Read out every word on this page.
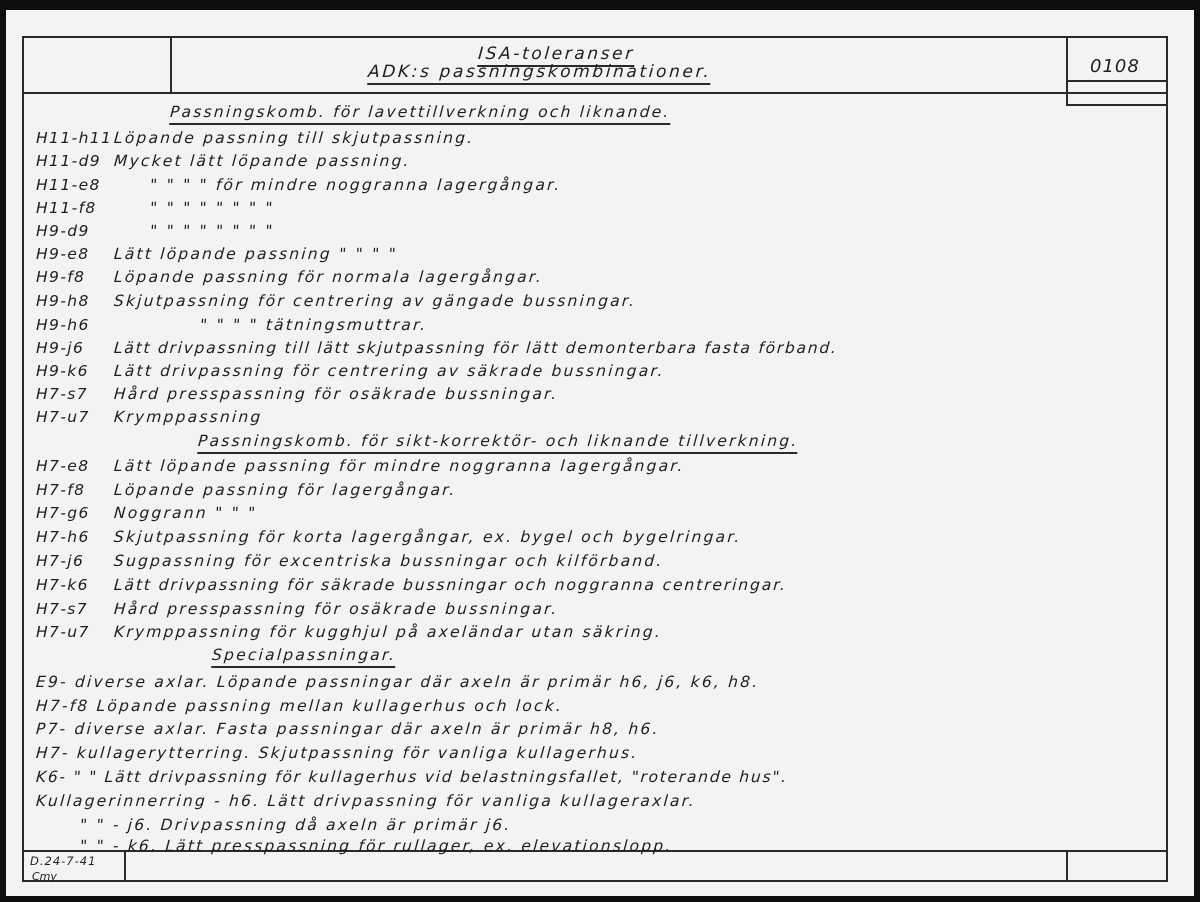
ISA-toleranser
ADK:s passningskombinationer.	0108
Passningskomb. för lavettillverkning och liknande.
H11-h11 Löpande passning till skjutpassning.
H11-d9 Mycket lätt löpande passning.
H11-e8	" " " " för mindre noggranna lagergångar.
H11-f8	" " " " " " " "
H9-d9	" " " " " " " "
H9-e8 Lätt löpande passning " " " "
H9-f8 Löpande passning för normala lagergångar.
H9-h8 Skjutpassning för centrering av gängade bussningar.
H9-h6	" " " " tätningsmuttrar.
H9-j6 Lätt drivpassning till lätt skjutpassning för lätt demonterbara fasta förband.
H9-k6 Lätt drivpassning för centrering av säkrade bussningar.
H7-s7 Hård presspassning för osäkrade bussningar.
H7-u7 Krymppassning
Passningskomb. för sikt-korrektör- och liknande tillverkning.
H7-e8 Lätt löpande passning för mindre noggranna lagergångar.
H7-f8 Löpande passning för lagergångar.
H7-g6 Noggrann " " "
H7-h6 Skjutpassning för korta lagergångar, ex. bygel och bygelringar.
H7-j6 Sugpassning för excentriska bussningar och kilförband.
H7-k6 Lätt drivpassning för säkrade bussningar och noggranna centreringar.
H7-s7 Hård presspassning för osäkrade bussningar.
H7-u7 Krymppassning för kugghjul på axeländar utan säkring.
Specialpassningar.
E9- diverse axlar. Löpande passningar där axeln är primär h6, j6, k6, h8.
H7-f8 Löpande passning mellan kullagerhus och lock.
P7- diverse axlar. Fasta passningar där axeln är primär h8, h6.
H7- kullagerytterring. Skjutpassning för vanliga kullagerhus.
K6- " " Lätt drivpassning för kullagerhus vid belastningsfallet, "roterande hus".
Kullagerinnerring - h6. Lätt drivpassning för vanliga kullageraxlar.
" " - j6. Drivpassning då axeln är primär j6.
" " - k6. Lätt presspassning för rullager, ex. elevationslopp.
D.24-7-41
Cmy
